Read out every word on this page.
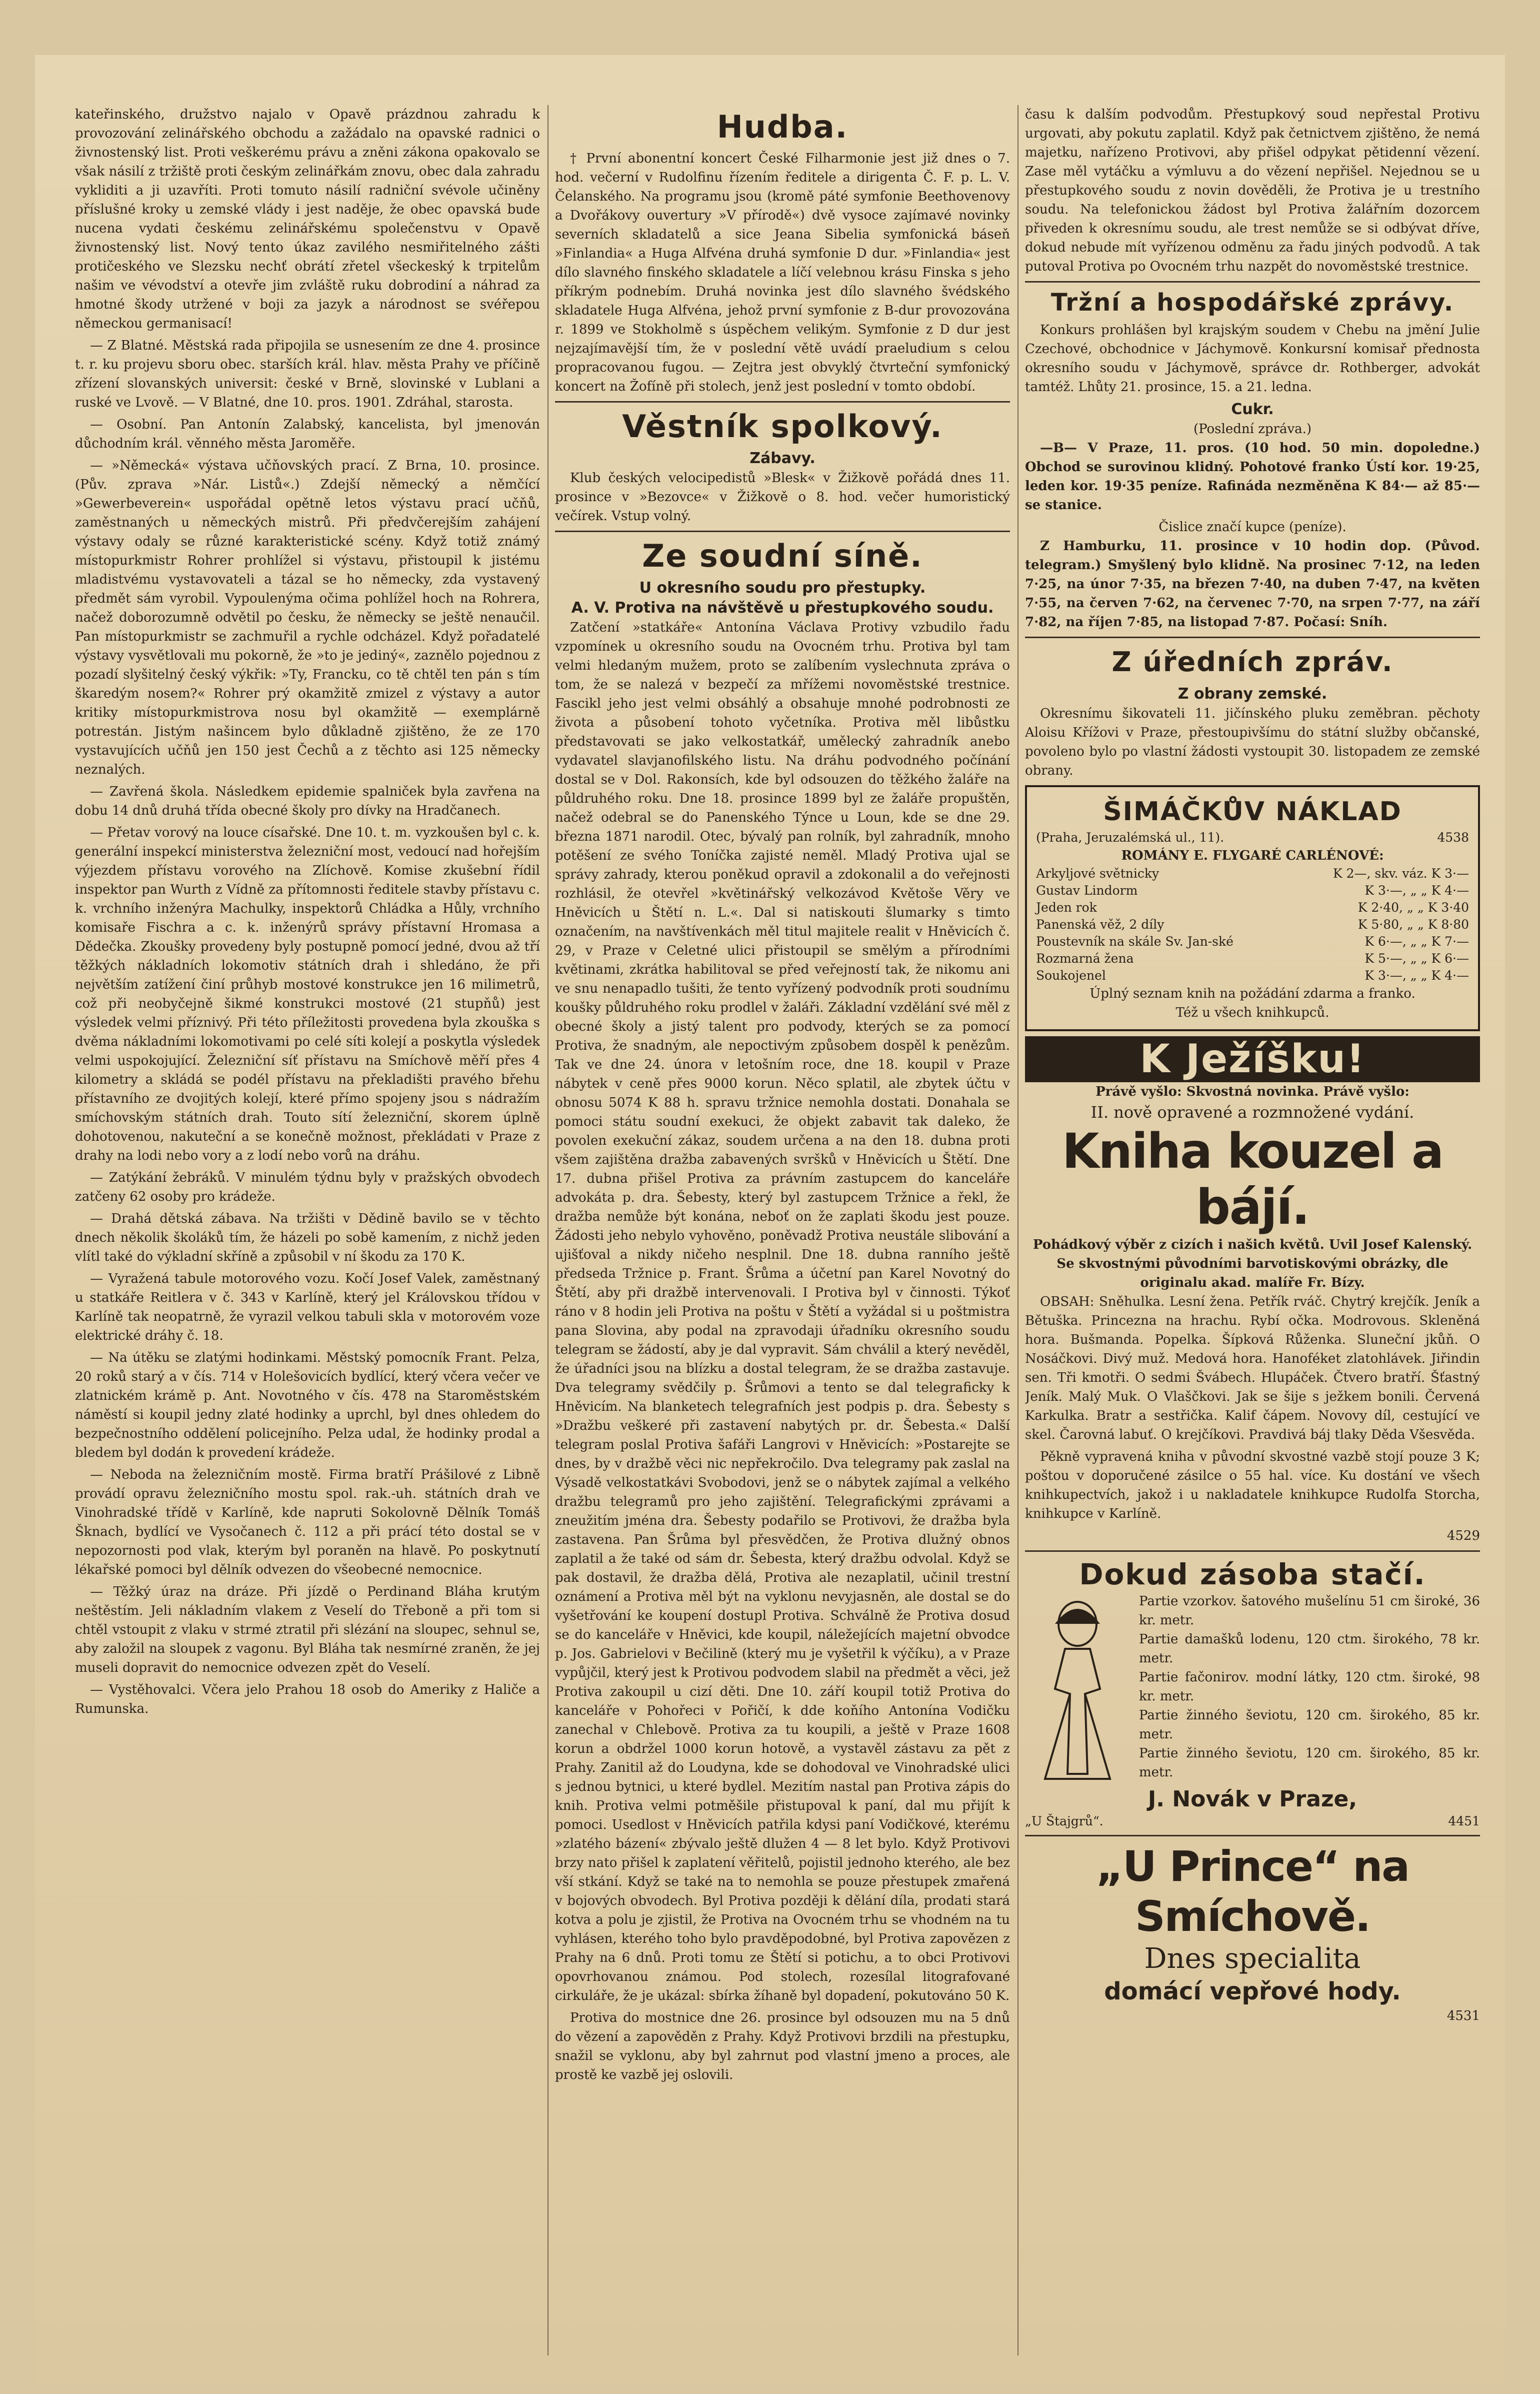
kateřinského, družstvo najalo v Opavě prázdnou zahradu k provozování zelinářského obchodu a zažádalo na opavské radnici o živnostenský list. Proti veškerému právu a zněni zákona opakovalo se však násilí z tržiště proti českým zelinářkám znovu, obec dala zahradu vykliditi a ji uzavříti. Proti tomuto násilí radniční svévole učiněny příslušné kroky u zemské vlády i jest naděje, že obec opavská bude nucena vydati českému zelinářskému společenstvu v Opavě živnostenský list. Nový tento úkaz zavilého nesmiřitelného zášti protičeského ve Slezsku nechť obrátí zřetel všeckeský k trpitelům našim ve vévodství a otevře jim zvláště ruku dobrodiní a náhrad za hmotné škody utržené v boji za jazyk a národnost se svéřepou německou germanisací!

— Z Blatné. Městská rada připojila se usnesením ze dne 4. prosince t. r. ku projevu sboru obec. starších král. hlav. města Prahy ve příčině zřízení slovanských universit: české v Brně, slovinské v Lublani a ruské ve Lvově. — V Blatné, dne 10. pros. 1901. Zdráhal, starosta.

— Osobní. Pan Antonín Zalabský, kancelista, byl jmenován důchodním král. věnného města Jaroměře.

— »Německá« výstava učňovských prací. Z Brna, 10. prosince. (Pův. zprava »Nár. Listů«.) Zdejší německý a němčící »Gewerbeverein« uspořádal opětně letos výstavu prací učňů, zaměstnaných u německých mistrů. Při předvčerejším zahájení výstavy odaly se různé karakteristické scény. Když totiž známý místopurkmistr Rohrer prohlížel si výstavu, přistoupil k jistému mladistvému vystavovateli a tázal se ho německy, zda vystavený předmět sám vyrobil. Vypoulenýma očima pohlížel hoch na Rohrera, načež doborozumně odvětil po česku, že německy se ještě nenaučil. Pan místopurkmistr se zachmuřil a rychle odcházel. Když pořadatelé výstavy vysvětlovali mu pokorně, že »to je jediný«, zaznělo pojednou z pozadí slyšitelný český výkřik: »Ty, Francku, co tě chtěl ten pán s tím škaredým nosem?« Rohrer prý okamžitě zmizel z výstavy a autor kritiky místopurkmistrova nosu byl okamžitě — exemplárně potrestán. Jistým našincem bylo důkladně zjištěno, že ze 170 vystavujících učňů jen 150 jest Čechů a z těchto asi 125 německy neznalých.

— Zavřená škola. Následkem epidemie spalniček byla zavřena na dobu 14 dnů druhá třída obecné školy pro dívky na Hradčanech.

— Přetav vorový na louce císařské. Dne 10. t. m. vyzkoušen byl c. k. generální inspekcí ministerstva železniční most, vedoucí nad hořejším výjezdem přístavu vorového na Zlíchově. Komise zkušební řídil inspektor pan Wurth z Vídně za přítomnosti ředitele stavby přístavu c. k. vrchního inženýra Machulky, inspektorů Chládka a Hůly, vrchního komisaře Fischra a c. k. inženýrů správy přístavní Hromasa a Dědečka. Zkoušky provedeny byly postupně pomocí jedné, dvou až tří těžkých nákladních lokomotiv státních drah i shledáno, že při největším zatížení činí průhyb mostové konstrukce jen 16 milimetrů, což při neobyčejně šikmé konstrukci mostové (21 stupňů) jest výsledek velmi příznivý. Při této příležitosti provedena byla zkouška s dvěma nákladními lokomotivami po celé síti kolejí a poskytla výsledek velmi uspokojující. Železniční síť přístavu na Smíchově měří přes 4 kilometry a skládá se podél přístavu na překladišti pravého břehu přístavního ze dvojitých kolejí, které přímo spojeny jsou s nádražím smíchovským státních drah. Touto sítí železniční, skorem úplně dohotovenou, nakuteční a se konečně možnost, překládati v Praze z drahy na lodi nebo vory a z lodí nebo vorů na dráhu.

— Zatýkání žebráků. V minulém týdnu byly v pražských obvodech zatčeny 62 osoby pro krádeže.

— Drahá dětská zábava. Na tržišti v Dědině bavilo se v těchto dnech několik školáků tím, že házeli po sobě kamením, z nichž jeden vlítl také do výkladní skříně a způsobil v ní škodu za 170 K.

— Vyražená tabule motorového vozu. Kočí Josef Valek, zaměstnaný u statkáře Reitlera v č. 343 v Karlíně, který jel Královskou třídou v Karlíně tak neopatrně, že vyrazil velkou tabuli skla v motorovém voze elektrické dráhy č. 18.

— Na útěku se zlatými hodinkami. Městský pomocník Frant. Pelza, 20 roků starý a v čís. 714 v Holešovicích bydlící, který včera večer ve zlatnickém krámě p. Ant. Novotného v čís. 478 na Staroměstském náměstí si koupil jedny zlaté hodinky a uprchl, byl dnes ohledem do bezpečnostního oddělení policejního. Pelza udal, že hodinky prodal a bledem byl dodán k provedení krádeže.

— Neboda na železničním mostě. Firma bratří Prášilové z Libně provádí opravu železničního mostu spol. rak.-uh. státních drah ve Vinohradské třídě v Karlíně, kde napruti Sokolovně Dělník Tomáš Šknach, bydlící ve Vysočanech č. 112 a při prácí této dostal se v nepozornosti pod vlak, kterým byl poraněn na hlavě. Po poskytnutí lékařské pomoci byl dělník odvezen do všeobecné nemocnice.

— Těžký úraz na dráze. Při jízdě o Perdinand Bláha krutým neštěstím. Jeli nákladním vlakem z Veselí do Třeboně a při tom si chtěl vstoupit z vlaku v strmé ztratil při slézání na sloupec, sehnul se, aby založil na sloupek z vagonu. Byl Bláha tak nesmírné zraněn, že jej museli dopravit do nemocnice odvezen zpět do Veselí.

— Vystěhovalci. Včera jelo Prahou 18 osob do Ameriky z Haliče a Rumunska.

Hudba.

† První abonentní koncert České Filharmonie jest již dnes o 7. hod. večerní v Rudolfinu řízením ředitele a dirigenta Č. F. p. L. V. Čelanského. Na programu jsou (kromě páté symfonie Beethovenovy a Dvořákovy ouvertury »V přírodě«) dvě vysoce zajímavé novinky severních skladatelů a sice Jeana Sibelia symfonická báseň »Finlandia« a Huga Alfvéna druhá symfonie D dur. »Finlandia« jest dílo slavného finského skladatele a líčí velebnou krásu Finska s jeho příkrým podnebím. Druhá novinka jest dílo slavného švédského skladatele Huga Alfvéna, jehož první symfonie z B-dur provozována r. 1899 ve Stokholmě s úspěchem velikým. Symfonie z D dur jest nejzajímavější tím, že v poslední větě uvádí praeludium s celou propracovanou fugou. — Zejtra jest obvyklý čtvrteční symfonický koncert na Žofíně při stolech, jenž jest poslední v tomto období.

Věstník spolkový.
Zábavy.

Klub českých velocipedistů »Blesk« v Žižkově pořádá dnes 11. prosince v »Bezovce« v Žižkově o 8. hod. večer humoristický večírek. Vstup volný.

Ze soudní síně.
U okresního soudu pro přestupky.
A. V. Protiva na návštěvě u přestupkového soudu.

Zatčení »statkáře« Antonína Václava Protivy vzbudilo řadu vzpomínek u okresního soudu na Ovocném trhu. Protiva byl tam velmi hledaným mužem, proto se zalíbením vyslechnuta zpráva o tom, že se nalezá v bezpečí za mřížemi novoměstské trestnice. Fascikl jeho jest velmi obsáhlý a obsahuje mnohé podrobnosti ze života a působení tohoto vyčetníka. Protiva měl libůstku představovati se jako velkostatkář, umělecký zahradník anebo vydavatel slavjanofilského listu. Na dráhu podvodného počínání dostal se v Dol. Rakonsích, kde byl odsouzen do těžkého žaláře na půldruhého roku. Dne 18. prosince 1899 byl ze žaláře propuštěn, načež odebral se do Panenského Týnce u Loun, kde se dne 29. března 1871 narodil. Otec, bývalý pan rolník, byl zahradník, mnoho potěšení ze svého Toníčka zajisté neměl. Mladý Protiva ujal se správy zahrady, kterou poněkud opravil a zdokonalil a do veřejnosti rozhlásil, že otevřel »květinářský velkozávod Květoše Věry ve Hněvicích u Štětí n. L.«. Dal si natiskouti šlumarky s timto označením, na navštívenkách měl titul majitele realit v Hněvicích č. 29, v Praze v Celetné ulici přistoupil se smělým a přírodními květinami, zkrátka habilitoval se před veřejností tak, že nikomu ani ve snu nenapadlo tušiti, že tento vyřízený podvodník proti soudnímu koušky půldruhého roku prodlel v žaláři. Základní vzdělání své měl z obecné školy a jistý talent pro podvody, kterých se za pomocí Protiva, že snadným, ale nepoctivým způsobem dospěl k penězům. Tak ve dne 24. února v letošním roce, dne 18. koupil v Praze nábytek v ceně přes 9000 korun. Něco splatil, ale zbytek účtu v obnosu 5074 K 88 h. spravu tržnice nemohla dostati. Donahala se pomoci státu soudní exekuci, že objekt zabavit tak daleko, že povolen exekuční zákaz, soudem určena a na den 18. dubna proti všem zajištěna dražba zabavených svršků v Hněvicích u Štětí. Dne 17. dubna přišel Protiva za právním zastupcem do kanceláře advokáta p. dra. Šebesty, který byl zastupcem Tržnice a řekl, že dražba nemůže být konána, neboť on že zaplati škodu jest pouze. Žádosti jeho nebylo vyhověno, poněvadž Protiva neustále slibování a ujišťoval a nikdy ničeho nesplnil. Dne 18. dubna ranního ještě předseda Tržnice p. Frant. Šrůma a účetní pan Karel Novotný do Štětí, aby při dražbě intervenovali. I Protiva byl v činnosti. Týkoť ráno v 8 hodin jeli Protiva na poštu v Štětí a vyžádal si u poštmistra pana Slovina, aby podal na zpravodaji úřadníku okresního soudu telegram se žádostí, aby je dal vypravit. Sám chválil a který nevěděl, že úřadníci jsou na blízku a dostal telegram, že se dražba zastavuje. Dva telegramy svědčily p. Šrůmovi a tento se dal telegraficky k Hněvicím. Na blanketech telegrafních jest podpis p. dra. Šebesty s »Dražbu veškeré při zastavení nabytých pr. dr. Šebesta.« Další telegram poslal Protiva šafáři Langrovi v Hněvicích: »Postarejte se dnes, by v dražbě věci nic nepřekročilo. Dva telegramy pak zaslal na Výsadě velkostatkávi Svobodovi, jenž se o nábytek zajímal a velkého dražbu telegramů pro jeho zajištění. Telegrafickými zprávami a zneužitím jména dra. Šebesty podařilo se Protivovi, že dražba byla zastavena. Pan Šrůma byl přesvědčen, že Protiva dlužný obnos zaplatil a že také od sám dr. Šebesta, který dražbu odvolal. Když se pak dostavil, že dražba dělá, Protiva ale nezaplatil, učinil trestní oznámení a Protiva měl být na vyklonu nevyjasněn, ale dostal se do vyšetřování ke koupení dostupl Protiva. Schválně že Protiva dosud se do kanceláře v Hněvici, kde koupil, náležejících majetní obvodce p. Jos. Gabrielovi v Bečilině (který mu je vyšetřil k výčíku), a v Praze vypůjčil, který jest k Protivou podvodem slabil na předmět a věci, jež Protiva zakoupil u cizí děti. Dne 10. září koupil totiž Protiva do kanceláře v Pohořeci v Pořičí, k dde koňího Antonína Vodičku zanechal v Chlebově. Protiva za tu koupili, a ještě v Praze 1608 korun a obdržel 1000 korun hotově, a vystavěl zástavu za pět z Prahy. Zanitil až do Loudyna, kde se dohodoval ve Vinohradské ulici s jednou bytnici, u které bydlel. Mezitím nastal pan Protiva zápis do knih. Protiva velmi potměšile přistupoval k paní, dal mu přijít k pomoci. Usedlost v Hněvicích patřila kdysi paní Vodičkové, kterému »zlatého bázení« zbývalo ještě dlužen 4 — 8 let bylo. Když Protivovi brzy nato přišel k zaplatení věřitelů, pojistil jednoho kterého, ale bez vší stkání. Když se také na to nemohla se pouze přestupek zmařená v bojových obvodech. Byl Protiva později k dělání díla, prodati stará kotva a polu je zjistil, že Protiva na Ovocném trhu se vhodném na tu vyhlásen, kterého toho bylo pravděpodobné, byl Protiva zapovězen z Prahy na 6 dnů. Proti tomu ze Štětí si potichu, a to obci Protivovi opovrhovanou známou. Pod stolech, rozesílal litografované cirkuláře, že je ukázal: sbírka žíhaně byl dopadení, pokutováno 50 K.

Protiva do mostnice dne 26. prosince byl odsouzen mu na 5 dnů do vězení a zapověděn z Prahy. Když Protivovi brzdili na přestupku, snažil se vyklonu, aby byl zahrnut pod vlastní jmeno a proces, ale prostě ke vazbě jej oslovili.

času k dalším podvodům. Přestupkový soud nepřestal Protivu urgovati, aby pokutu zaplatil. Když pak četnictvem zjištěno, že nemá majetku, nařízeno Protivovi, aby přišel odpykat pětidenní vězení. Zase měl vytáčku a výmluvu a do vězení nepřišel. Nejednou se u přestupkového soudu z novin dověděli, že Protiva je u trestního soudu. Na telefonickou žádost byl Protiva žalářním dozorcem přiveden k okresnímu soudu, ale trest nemůže se si odbývat dříve, dokud nebude mít vyřízenou odměnu za řadu jiných podvodů. A tak putoval Protiva po Ovocném trhu nazpět do novoměstské trestnice.

Tržní a hospodářské zprávy.

Konkurs prohlášen byl krajským soudem v Chebu na jmění Julie Czechové, obchodnice v Jáchymově. Konkursní komisař přednosta okresního soudu v Jáchymově, správce dr. Rothberger, advokát tamtéž. Lhůty 21. prosince, 15. a 21. ledna.

Cukr.
(Poslední zpráva.)

—B— V Praze, 11. pros. (10 hod. 50 min. dopoledne.) Obchod se surovinou klidný. Pohotové franko Ústí kor. 19·25, leden kor. 19·35 peníze. Rafináda nezměněna K 84·— až 85·— se stanice.

Čislice značí kupce (peníze).

Z Hamburku, 11. prosince v 10 hodin dop. (Původ. telegram.) Smyšlený bylo klidně. Na prosinec 7·12, na leden 7·25, na únor 7·35, na březen 7·40, na duben 7·47, na květen 7·55, na červen 7·62, na červenec 7·70, na srpen 7·77, na září 7·82, na říjen 7·85, na listopad 7·87. Počasí: Sníh.

Z úředních zpráv.
Z obrany zemské.

Okresnímu šikovateli 11. jičínského pluku zeměbran. pěchoty Aloisu Křížovi v Praze, přestoupivšímu do státní služby občanské, povoleno bylo po vlastní žádosti vystoupit 30. listopadem ze zemské obrany.

ŠIMÁČKŮV NÁKLAD
(Praha, Jeruzalémská ul., 11).	4538
ROMÁNY E. FLYGARÉ CARLÉNOVÉ:
Arkyljové světnicky	K 2—, skv. váz. K 3·—
Gustav Lindorm	K 3·—, „ „ K 4·—
Jeden rok	K 2·40, „ „ K 3·40
Panenská věž, 2 díly	K 5·80, „ „ K 8·80
Poustevník na skále Sv. Jan-ské	K 6·—, „ „ K 7·—
Rozmarná žena	K 5·—, „ „ K 6·—
Soukojenel	K 3·—, „ „ K 4·—
Úplný seznam knih na požádání zdarma a franko.
Též u všech knihkupců.
K Ježíšku!
Právě vyšlo: Skvostná novinka. Právě vyšlo:
II. nově opravené a rozmnožené vydání.
Kniha kouzel a bájí.
Pohádkový výběr z cizích i našich květů. Uvil Josef Kalenský.
Se skvostnými původními barvotiskovými obrázky, dle originalu akad. malíře Fr. Bízy.

OBSAH: Sněhulka. Lesní žena. Petřík rváč. Chytrý krejčík. Jeník a Bětuška. Princezna na hrachu. Rybí očka. Modrovous. Skleněná hora. Bušmanda. Popelka. Šípková Růženka. Sluneční jkůň. O Nosáčkovi. Divý muž. Medová hora. Hanoféket zlatohlávek. Jiřindin sen. Tři kmotři. O sedmi Švábech. Hlupáček. Čtvero bratří. Šťastný Jeník. Malý Muk. O Vlaščkovi. Jak se šije s ježkem bonili. Červená Karkulka. Bratr a sestřička. Kalif čápem. Novovy díl, cestující ve skel. Čarovná labuť. O krejčíkovi. Pravdivá báj tlaky Děda Všesvěda.

Pěkně vypravená kniha v původní skvostné vazbě stojí pouze 3 K; poštou v doporučené zásilce o 55 hal. více. Ku dostání ve všech knihkupectvích, jakož i u nakladatele knihkupce Rudolfa Storcha, knihkupce v Karlíně.

4529
Dokud zásoba stačí.
Partie vzorkov. šatového mušelínu 51 cm široké, 36 kr. metr.
Partie damašků lodenu, 120 ctm. širokého, 78 kr. metr.
Partie fačonirov. modní látky, 120 ctm. široké, 98 kr. metr.
Partie žinného ševiotu, 120 cm. širokého, 85 kr. metr.
Partie žinného ševiotu, 120 cm. širokého, 85 kr. metr.
J. Novák v Praze,
„U Štajgrů“.	4451
„U Prince“ na Smíchově.
Dnes specialita
domácí vepřové hody.
4531
